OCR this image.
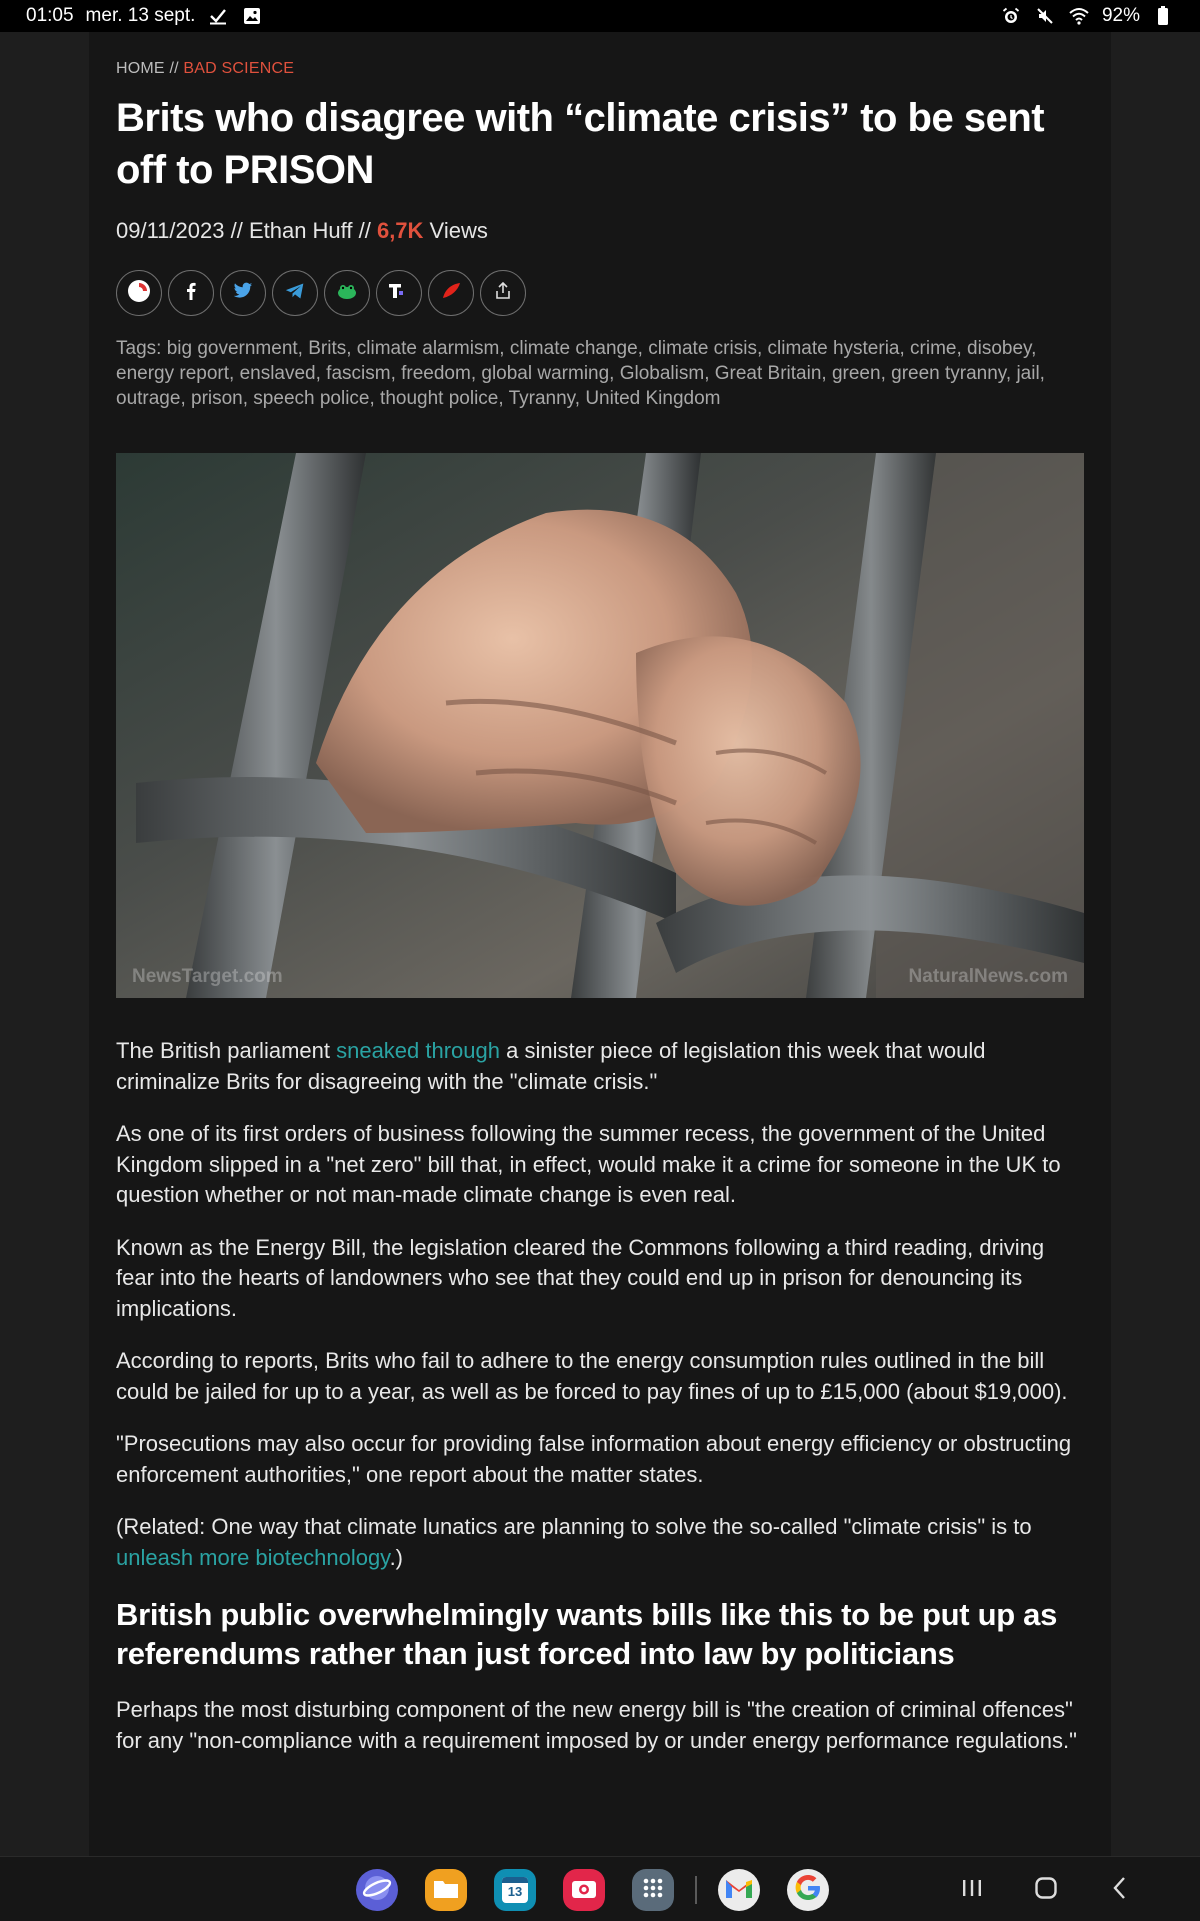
01:05 mer. 13 sept.	92%
HOME // BAD SCIENCE
Brits who disagree with “climate crisis” to be sent off to PRISON
09/11/2023 // Ethan Huff // 6,7K Views
Tags: big government, Brits, climate alarmism, climate change, climate crisis, climate hysteria, crime, disobey, energy report, enslaved, fascism, freedom, global warming, Globalism, Great Britain, green, green tyranny, jail, outrage, prison, speech police, thought police, Tyranny, United Kingdom
NewsTarget.com	NaturalNews.com

The British parliament sneaked through a sinister piece of legislation this week that would criminalize Brits for disagreeing with the "climate crisis."

As one of its first orders of business following the summer recess, the government of the United Kingdom slipped in a "net zero" bill that, in effect, would make it a crime for someone in the UK to question whether or not man-made climate change is even real.

Known as the Energy Bill, the legislation cleared the Commons following a third reading, driving fear into the hearts of landowners who see that they could end up in prison for denouncing its implications.

According to reports, Brits who fail to adhere to the energy consumption rules outlined in the bill could be jailed for up to a year, as well as be forced to pay fines of up to £15,000 (about $19,000).

"Prosecutions may also occur for providing false information about energy efficiency or obstructing enforcement authorities," one report about the matter states.

(Related: One way that climate lunatics are planning to solve the so-called "climate crisis" is to unleash more biotechnology.)

British public overwhelmingly wants bills like this to be put up as referendums rather than just forced into law by politicians

Perhaps the most disturbing component of the new energy bill is "the creation of criminal offences" for any "non-compliance with a requirement imposed by or under energy performance regulations."

13
